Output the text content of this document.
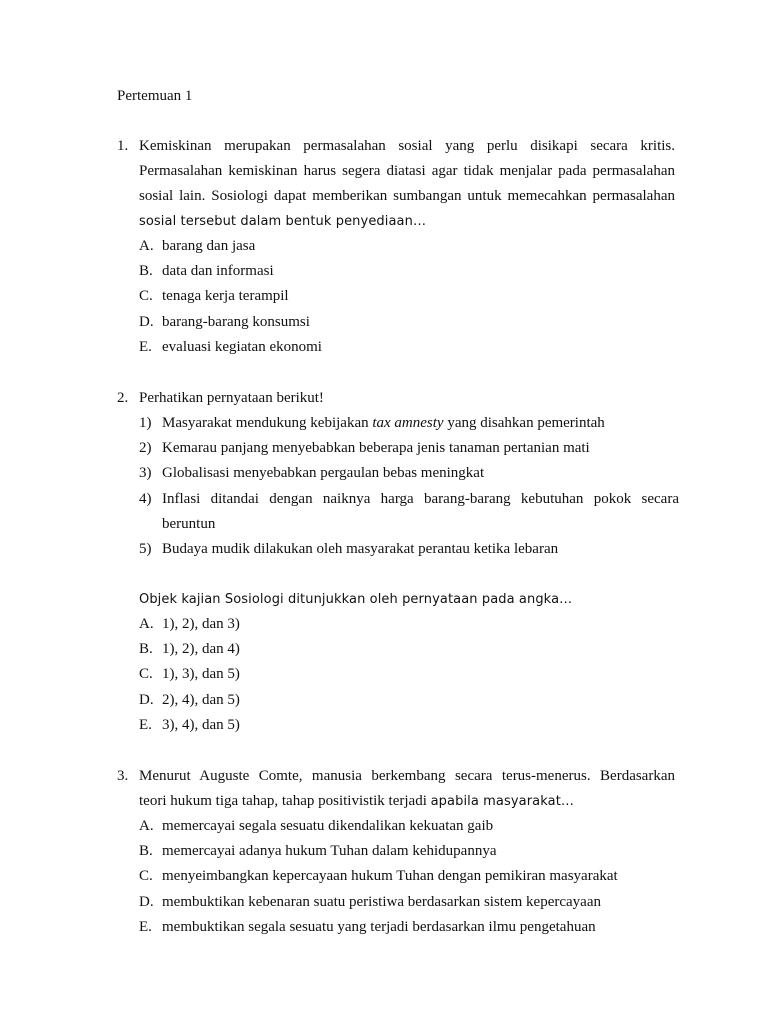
Pertemuan 1
1. Kemiskinan merupakan permasalahan sosial yang perlu disikapi secara kritis.
Permasalahan kemiskinan harus segera diatasi agar tidak menjalar pada permasalahan
sosial lain. Sosiologi dapat memberikan sumbangan untuk memecahkan permasalahan
sosial tersebut dalam bentuk penyediaan…
A. barang dan jasa
B. data dan informasi
C. tenaga kerja terampil
D. barang-barang konsumsi
E. evaluasi kegiatan ekonomi
2. Perhatikan pernyataan berikut!
1) Masyarakat mendukung kebijakan tax amnesty yang disahkan pemerintah
2) Kemarau panjang menyebabkan beberapa jenis tanaman pertanian mati
3) Globalisasi menyebabkan pergaulan bebas meningkat
4) Inflasi ditandai dengan naiknya harga barang-barang kebutuhan pokok secara beruntun
5) Budaya mudik dilakukan oleh masyarakat perantau ketika lebaran
Objek kajian Sosiologi ditunjukkan oleh pernyataan pada angka…
A. 1), 2), dan 3)
B. 1), 2), dan 4)
C. 1), 3), dan 5)
D. 2), 4), dan 5)
E. 3), 4), dan 5)
3. Menurut Auguste Comte, manusia berkembang secara terus-menerus. Berdasarkan
teori hukum tiga tahap, tahap positivistik terjadi apabila masyarakat…
A. memercayai segala sesuatu dikendalikan kekuatan gaib
B. memercayai adanya hukum Tuhan dalam kehidupannya
C. menyeimbangkan kepercayaan hukum Tuhan dengan pemikiran masyarakat
D. membuktikan kebenaran suatu peristiwa berdasarkan sistem kepercayaan
E. membuktikan segala sesuatu yang terjadi berdasarkan ilmu pengetahuan
